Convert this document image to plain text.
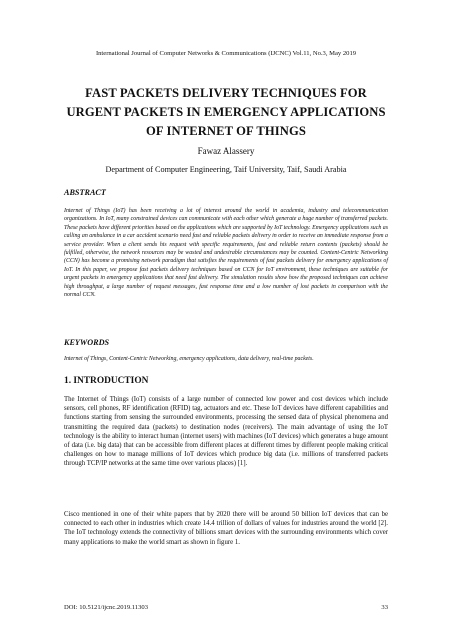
International Journal of Computer Networks & Communications (IJCNC) Vol.11, No.3, May 2019
FAST PACKETS DELIVERY TECHNIQUES FOR
URGENT PACKETS IN EMERGENCY APPLICATIONS
OF INTERNET OF THINGS
Fawaz Alassery
Department of Computer Engineering, Taif University, Taif, Saudi Arabia
ABSTRACT

Internet of Things (IoT) has been receiving a lot of interest around the world in academia, industry and telecommunication organizations. In IoT, many constrained devices can communicate with each other which generate a huge number of transferred packets. These packets have different priorities based on the applications which are supported by IoT technology. Emergency applications such as calling an ambulance in a car accident scenario need fast and reliable packets delivery in order to receive an immediate response from a service provider. When a client sends his request with specific requirements, fast and reliable return contents (packets) should be fulfilled, otherwise, the network resources may be wasted and undesirable circumstances may be counted. Content-Centric Networking (CCN) has become a promising network paradigm that satisfies the requirements of fast packets delivery for emergency applications of IoT. In this paper, we propose fast packets delivery techniques based on CCN for IoT environment, these techniques are suitable for urgent packets in emergency applications that need fast delivery. The simulation results show how the proposed techniques can achieve high throughput, a large number of request messages, fast response time and a low number of lost packets in comparison with the normal CCN.

KEYWORDS

Internet of Things, Content-Centric Networking, emergency applications, data delivery, real-time packets.

1. INTRODUCTION

The Internet of Things (IoT) consists of a large number of connected low power and cost devices which include sensors, cell phones, RF identification (RFID) tag, actuators and etc. These IoT devices have different capabilities and functions starting from sensing the surrounded environments, processing the sensed data of physical phenomena and transmitting the required data (packets) to destination nodes (receivers). The main advantage of using the IoT technology is the ability to interact human (internet users) with machines (IoT devices) which generates a huge amount of data (i.e. big data) that can be accessible from different places at different times by different people making critical challenges on how to manage millions of IoT devices which produce big data (i.e. millions of transferred packets through TCP/IP networks at the same time over various places) [1].

Cisco mentioned in one of their white papers that by 2020 there will be around 50 billion IoT devices that can be connected to each other in industries which create 14.4 trillion of dollars of values for industries around the world [2]. The IoT technology extends the connectivity of billions smart devices with the surrounding environments which cover many applications to make the world smart as shown in figure 1.

DOI: 10.5121/ijcnc.2019.11303	33
